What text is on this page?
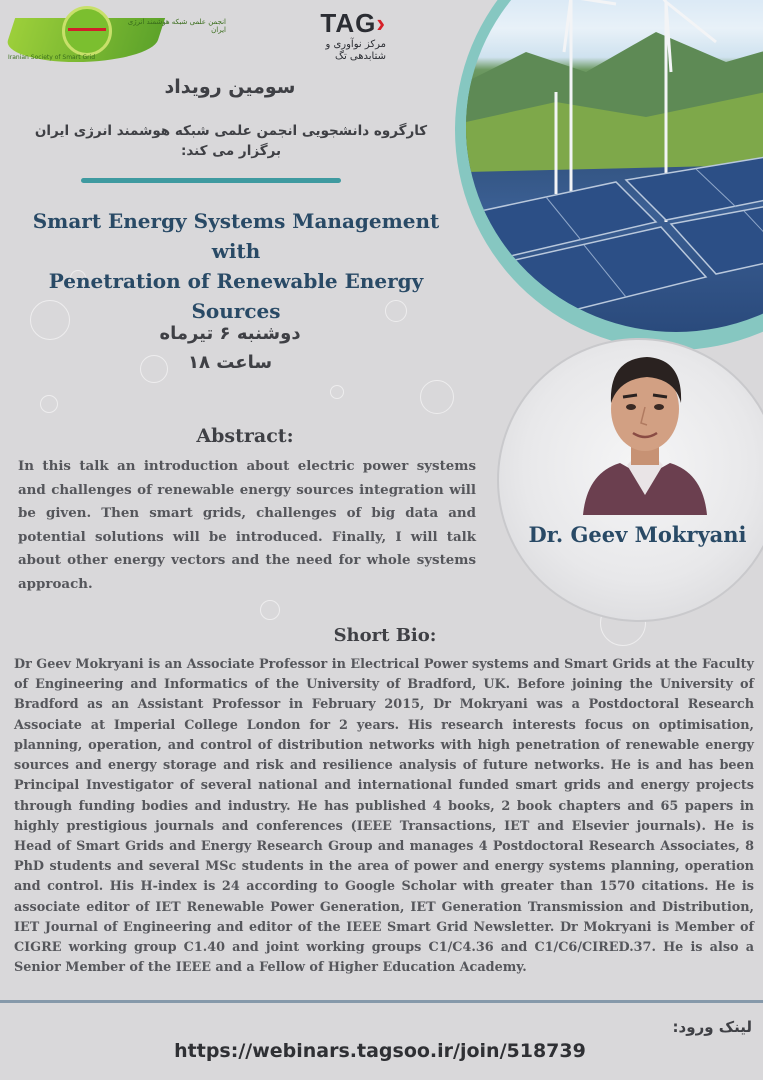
انجمن علمی شبکه هوشمند انرژی ایران
Iranian Society of Smart Grid
TAG›
مرکز نوآوری و شتابدهی تگ
سومین رویداد
کارگروه دانشجویی انجمن علمی شبکه هوشمند انرژی ایران
برگزار می کند:
Smart Energy Systems Management with
Penetration of Renewable Energy Sources
دوشنبه ۶ تیرماه
ساعت ۱۸
Abstract:
In this talk an introduction about electric power systems and challenges of renewable energy sources integration will be given. Then smart grids, challenges of big data and potential solutions will be introduced. Finally, I will talk about other energy vectors and the need for whole systems approach.
Dr. Geev Mokryani
Short Bio:
Dr Geev Mokryani is an Associate Professor in Electrical Power systems and Smart Grids at the Faculty of Engineering and Informatics of the University of Bradford, UK. Before joining the University of Bradford as an Assistant Professor in February 2015, Dr Mokryani was a Postdoctoral Research Associate at Imperial College London for 2 years. His research interests focus on optimisation, planning, operation, and control of distribution networks with high penetration of renewable energy sources and energy storage and risk and resilience analysis of future networks. He is and has been Principal Investigator of several national and international funded smart grids and energy projects through funding bodies and industry. He has published 4 books, 2 book chapters and 65 papers in highly prestigious journals and conferences (IEEE Transactions, IET and Elsevier journals). He is Head of Smart Grids and Energy Research Group and manages 4 Postdoctoral Research Associates, 8 PhD students and several MSc students in the area of power and energy systems planning, operation and control. His H-index is 24 according to Google Scholar with greater than 1570 citations. He is associate editor of IET Renewable Power Generation, IET Generation Transmission and Distribution, IET Journal of Engineering and editor of the IEEE Smart Grid Newsletter. Dr Mokryani is Member of CIGRE working group C1.40 and joint working groups C1/C4.36 and C1/C6/CIRED.37. He is also a Senior Member of the IEEE and a Fellow of Higher Education Academy.
لینک ورود:
https://webinars.tagsoo.ir/join/518739
